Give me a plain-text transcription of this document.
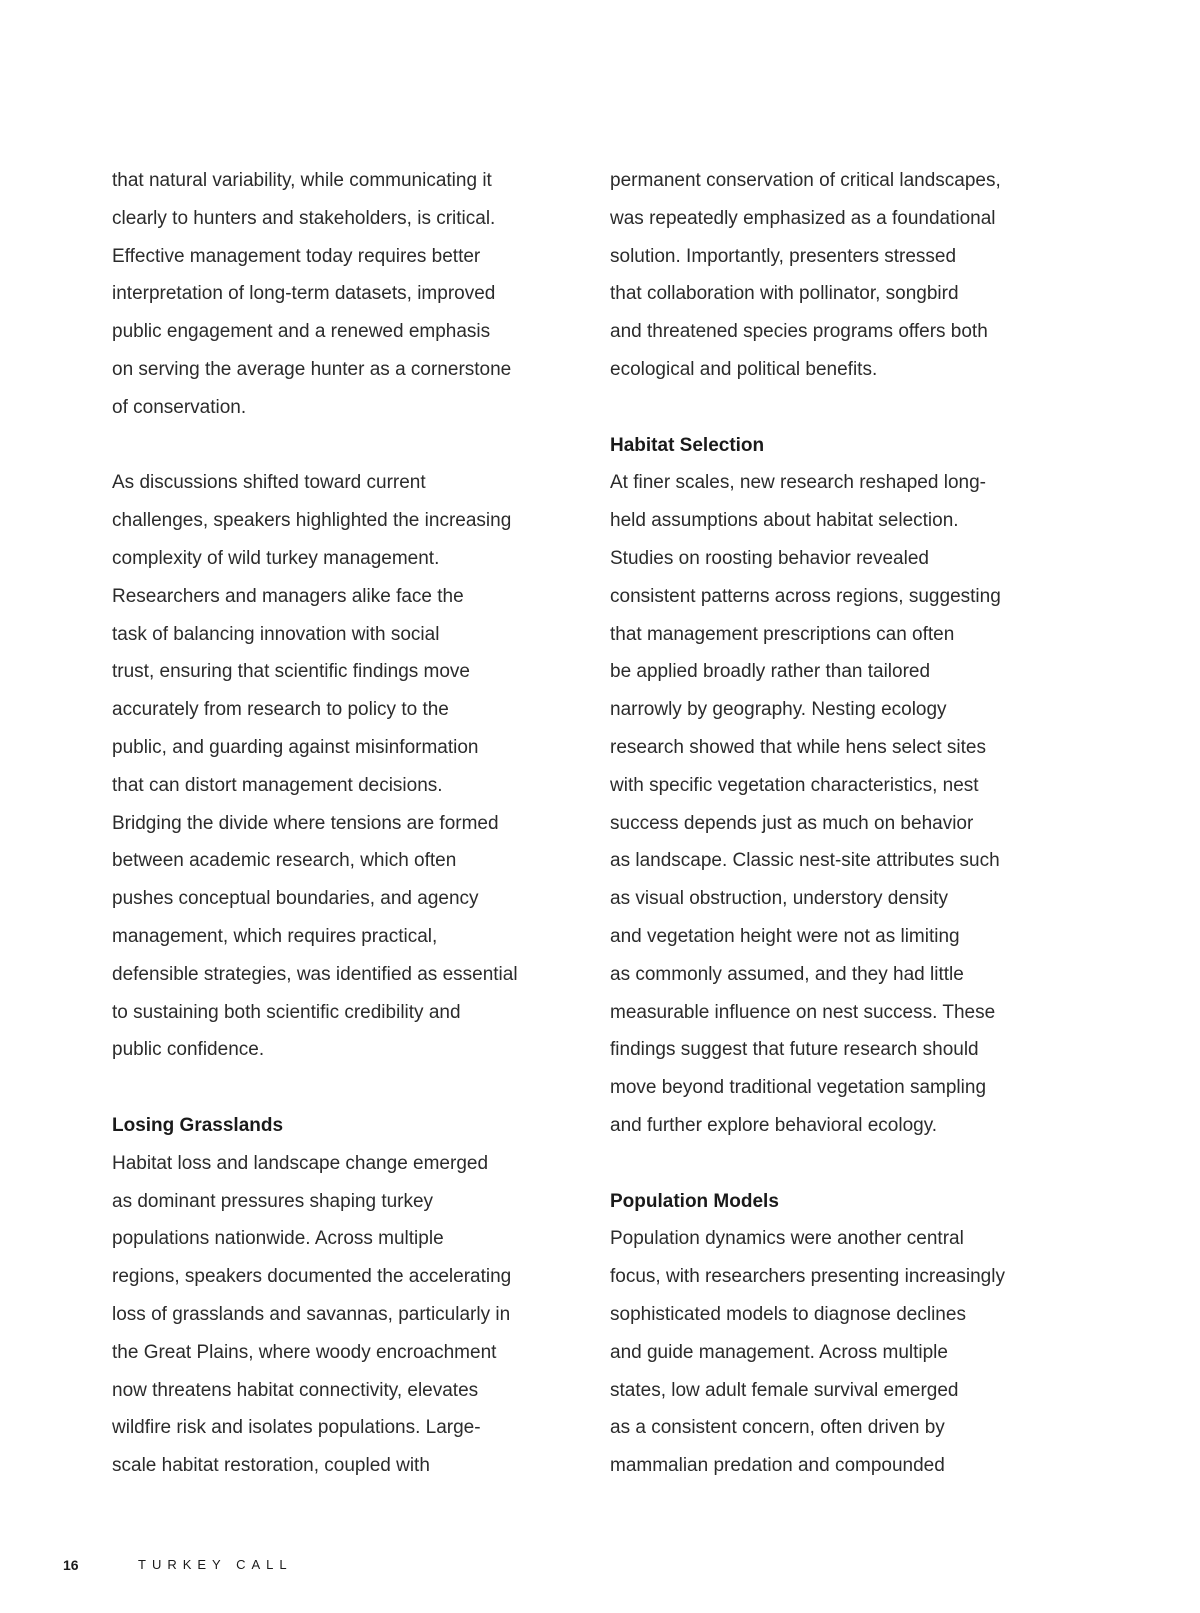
that natural variability, while communicating it
clearly to hunters and stakeholders, is critical.
Effective management today requires better
interpretation of long-term datasets, improved
public engagement and a renewed emphasis
on serving the average hunter as a cornerstone
of conservation.
As discussions shifted toward current
challenges, speakers highlighted the increasing
complexity of wild turkey management.
Researchers and managers alike face the
task of balancing innovation with social
trust, ensuring that scientific findings move
accurately from research to policy to the
public, and guarding against misinformation
that can distort management decisions.
Bridging the divide where tensions are formed
between academic research, which often
pushes conceptual boundaries, and agency
management, which requires practical,
defensible strategies, was identified as essential
to sustaining both scientific credibility and
public confidence.
Losing Grasslands
Habitat loss and landscape change emerged
as dominant pressures shaping turkey
populations nationwide. Across multiple
regions, speakers documented the accelerating
loss of grasslands and savannas, particularly in
the Great Plains, where woody encroachment
now threatens habitat connectivity, elevates
wildfire risk and isolates populations. Large-
scale habitat restoration, coupled with
permanent conservation of critical landscapes,
was repeatedly emphasized as a foundational
solution. Importantly, presenters stressed
that collaboration with pollinator, songbird
and threatened species programs offers both
ecological and political benefits.
Habitat Selection
At finer scales, new research reshaped long-
held assumptions about habitat selection.
Studies on roosting behavior revealed
consistent patterns across regions, suggesting
that management prescriptions can often
be applied broadly rather than tailored
narrowly by geography. Nesting ecology
research showed that while hens select sites
with specific vegetation characteristics, nest
success depends just as much on behavior
as landscape. Classic nest-site attributes such
as visual obstruction, understory density
and vegetation height were not as limiting
as commonly assumed, and they had little
measurable influence on nest success. These
findings suggest that future research should
move beyond traditional vegetation sampling
and further explore behavioral ecology.
Population Models
Population dynamics were another central
focus, with researchers presenting increasingly
sophisticated models to diagnose declines
and guide management. Across multiple
states, low adult female survival emerged
as a consistent concern, often driven by
mammalian predation and compounded
16	TURKEY CALL
